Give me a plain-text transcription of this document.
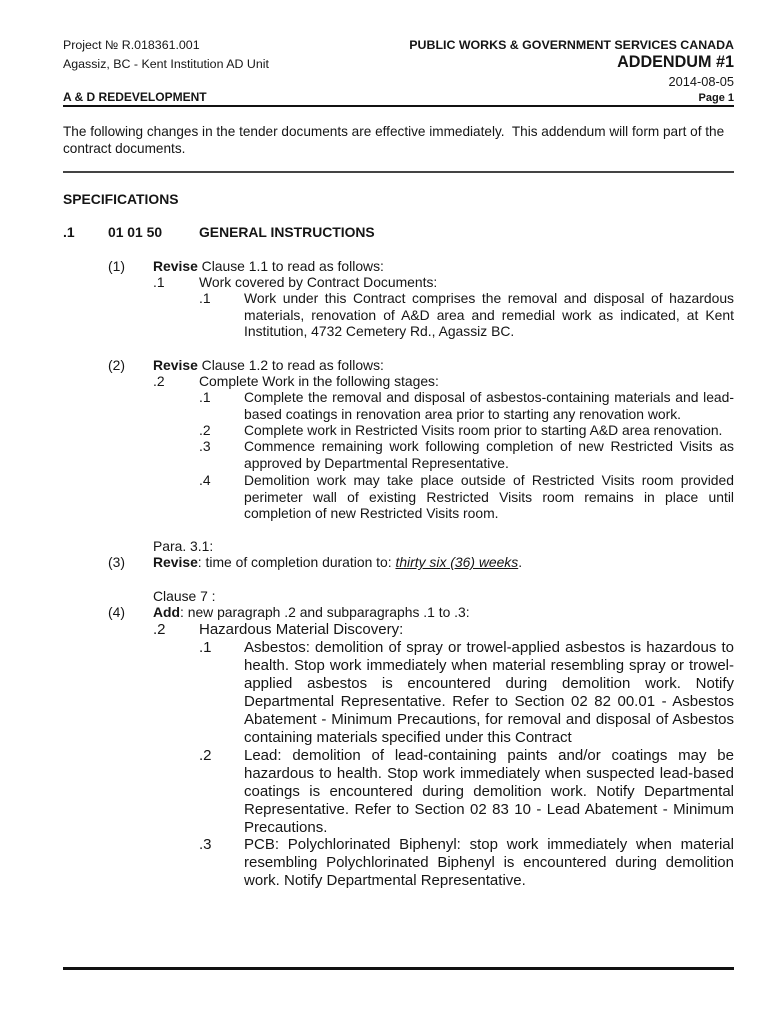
Project № R.018361.001
Agassiz, BC - Kent Institution AD Unit
A & D REDEVELOPMENT
PUBLIC WORKS & GOVERNMENT SERVICES CANADA
ADDENDUM #1
2014-08-05
Page 1
The following changes in the tender documents are effective immediately.  This addendum will form part of the contract documents.
SPECIFICATIONS
.1 01 01 50	GENERAL INSTRUCTIONS
(1) Revise Clause 1.1 to read as follows:
.1 Work covered by Contract Documents:
.1 Work under this Contract comprises the removal and disposal of hazardous materials, renovation of A&D area and remedial work as indicated, at Kent Institution, 4732 Cemetery Rd., Agassiz BC.
(2) Revise Clause 1.2 to read as follows:
.2 Complete Work in the following stages:
.1 Complete the removal and disposal of asbestos-containing materials and lead-based coatings in renovation area prior to starting any renovation work.
.2 Complete work in Restricted Visits room prior to starting A&D area renovation.
.3 Commence remaining work following completion of new Restricted Visits as approved by Departmental Representative.
.4 Demolition work may take place outside of Restricted Visits room provided perimeter wall of existing Restricted Visits room remains in place until completion of new Restricted Visits room.
Para. 3.1:
(3) Revise: time of completion duration to: thirty six (36) weeks.
Clause 7 :
(4) Add: new paragraph .2 and subparagraphs .1 to .3:
.2 Hazardous Material Discovery:
.1 Asbestos: demolition of spray or trowel-applied asbestos is hazardous to health. Stop work immediately when material resembling spray or trowel-applied asbestos is encountered during demolition work. Notify Departmental Representative. Refer to Section 02 82 00.01 - Asbestos Abatement - Minimum Precautions, for removal and disposal of Asbestos containing materials specified under this Contract
.2 Lead: demolition of lead-containing paints and/or coatings may be hazardous to health. Stop work immediately when suspected lead-based coatings is encountered during demolition work. Notify Departmental Representative. Refer to Section 02 83 10 - Lead Abatement - Minimum Precautions.
.3 PCB: Polychlorinated Biphenyl: stop work immediately when material resembling Polychlorinated Biphenyl is encountered during demolition work. Notify Departmental Representative.
